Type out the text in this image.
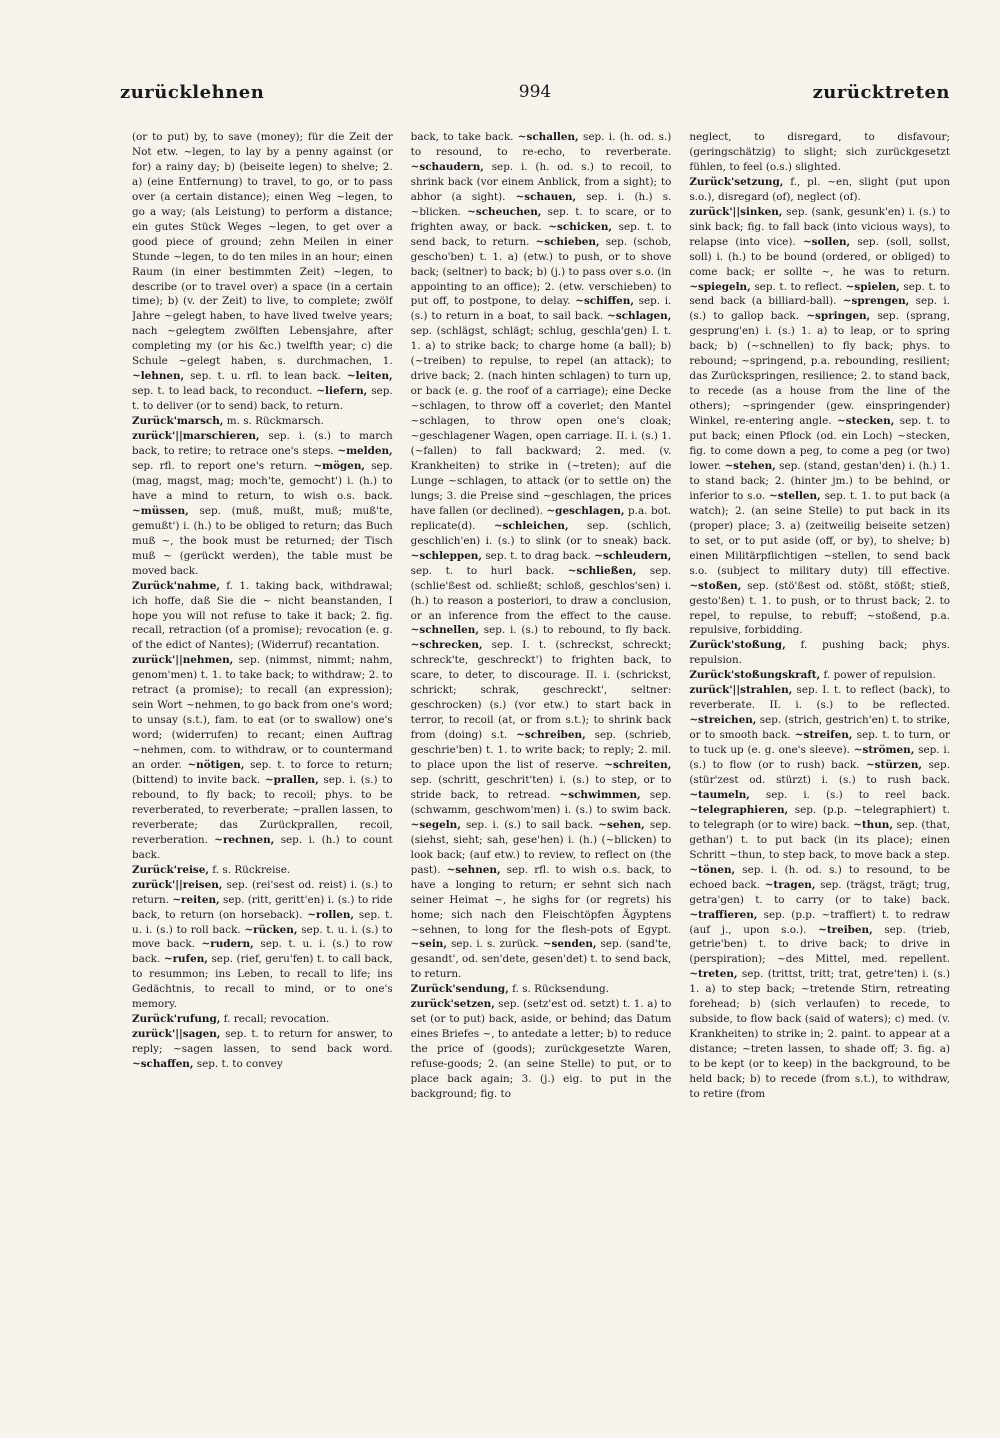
zurücklehnen	994	zurücktreten

(or to put) by, to save (money); für die Zeit der Not etw. ~legen, to lay by a penny against (or for) a rainy day; b) (beiseite legen) to shelve; 2. a) (eine Entfernung) to travel, to go, or to pass over (a certain distance); einen Weg ~legen, to go a way; (als Leistung) to perform a distance; ein gutes Stück Weges ~legen, to get over a good piece of ground; zehn Meilen in einer Stunde ~legen, to do ten miles in an hour; einen Raum (in einer bestimmten Zeit) ~legen, to describe (or to travel over) a space (in a certain time); b) (v. der Zeit) to live, to complete; zwölf Jahre ~gelegt haben, to have lived twelve years; nach ~gelegtem zwölften Lebensjahre, after completing my (or his &c.) twelfth year; c) die Schule ~gelegt haben, s. durchmachen, 1. ~lehnen, sep. t. u. rfl. to lean back. ~leiten, sep. t. to lead back, to reconduct. ~liefern, sep. t. to deliver (or to send) back, to return.

Zurück'marsch, m. s. Rückmarsch.

zurück'||marschieren, sep. i. (s.) to march back, to retire; to retrace one's steps. ~melden, sep. rfl. to report one's return. ~mögen, sep. (mag, magst, mag; moch'te, gemocht') i. (h.) to have a mind to return, to wish o.s. back. ~müssen, sep. (muß, mußt, muß; muß'te, gemußt') i. (h.) to be obliged to return; das Buch muß ~, the book must be returned; der Tisch muß ~ (gerückt werden), the table must be moved back.

Zurück'nahme, f. 1. taking back, withdrawal; ich hoffe, daß Sie die ~ nicht beanstanden, I hope you will not refuse to take it back; 2. fig. recall, retraction (of a promise); revocation (e. g. of the edict of Nantes); (Widerruf) recantation.

zurück'||nehmen, sep. (nimmst, nimmt; nahm, genom'men) t. 1. to take back; to withdraw; 2. to retract (a promise); to recall (an expression); sein Wort ~nehmen, to go back from one's word; to unsay (s.t.), fam. to eat (or to swallow) one's word; (widerrufen) to recant; einen Auftrag ~nehmen, com. to withdraw, or to countermand an order. ~nötigen, sep. t. to force to return; (bittend) to invite back. ~prallen, sep. i. (s.) to rebound, to fly back; to recoil; phys. to be reverberated, to reverberate; ~prallen lassen, to reverberate; das Zurückprallen, recoil, reverberation. ~rechnen, sep. i. (h.) to count back.

Zurück'reise, f. s. Rückreise.

zurück'||reisen, sep. (rei'sest od. reist) i. (s.) to return. ~reiten, sep. (ritt, geritt'en) i. (s.) to ride back, to return (on horseback). ~rollen, sep. t. u. i. (s.) to roll back. ~rücken, sep. t. u. i. (s.) to move back. ~rudern, sep. t. u. i. (s.) to row back. ~rufen, sep. (rief, geru'fen) t. to call back, to resummon; ins Leben, to recall to life; ins Gedächtnis, to recall to mind, or to one's memory.

Zurück'rufung, f. recall; revocation.

zurück'||sagen, sep. t. to return for answer, to reply; ~sagen lassen, to send back word. ~schaffen, sep. t. to convey

back, to take back. ~schallen, sep. i. (h. od. s.) to resound, to re-echo, to reverberate. ~schaudern, sep. i. (h. od. s.) to recoil, to shrink back (vor einem Anblick, from a sight); to abhor (a sight). ~schauen, sep. i. (h.) s. ~blicken. ~scheuchen, sep. t. to scare, or to frighten away, or back. ~schicken, sep. t. to send back, to return. ~schieben, sep. (schob, gescho'ben) t. 1. a) (etw.) to push, or to shove back; (seltner) to back; b) (j.) to pass over s.o. (in appointing to an office); 2. (etw. verschieben) to put off, to postpone, to delay. ~schiffen, sep. i. (s.) to return in a boat, to sail back. ~schlagen, sep. (schlägst, schlägt; schlug, geschla'gen) I. t. 1. a) to strike back; to charge home (a ball); b) (~treiben) to repulse, to repel (an attack); to drive back; 2. (nach hinten schlagen) to turn up, or back (e. g. the roof of a carriage); eine Decke ~schlagen, to throw off a coverlet; den Mantel ~schlagen, to throw open one's cloak; ~geschlagener Wagen, open carriage. II. i. (s.) 1. (~fallen) to fall backward; 2. med. (v. Krankheiten) to strike in (~treten); auf die Lunge ~schlagen, to attack (or to settle on) the lungs; 3. die Preise sind ~geschlagen, the prices have fallen (or declined). ~geschlagen, p.a. bot. replicate(d). ~schleichen, sep. (schlich, geschlich'en) i. (s.) to slink (or to sneak) back. ~schleppen, sep. t. to drag back. ~schleudern, sep. t. to hurl back. ~schließen, sep. (schlie'ßest od. schließt; schloß, geschlos'sen) i. (h.) to reason a posteriori, to draw a conclusion, or an inference from the effect to the cause. ~schnellen, sep. i. (s.) to rebound, to fly back. ~schrecken, sep. I. t. (schreckst, schreckt; schreck'te, geschreckt') to frighten back, to scare, to deter, to discourage. II. i. (schrickst, schrickt; schrak, geschreckt', seltner: geschrocken) (s.) (vor etw.) to start back in terror, to recoil (at, or from s.t.); to shrink back from (doing) s.t. ~schreiben, sep. (schrieb, geschrie'ben) t. 1. to write back; to reply; 2. mil. to place upon the list of reserve. ~schreiten, sep. (schritt, geschrit'ten) i. (s.) to step, or to stride back, to retread. ~schwimmen, sep. (schwamm, geschwom'men) i. (s.) to swim back. ~segeln, sep. i. (s.) to sail back. ~sehen, sep. (siehst, sieht; sah, gese'hen) i. (h.) (~blicken) to look back; (auf etw.) to review, to reflect on (the past). ~sehnen, sep. rfl. to wish o.s. back, to have a longing to return; er sehnt sich nach seiner Heimat ~, he sighs for (or regrets) his home; sich nach den Fleischtöpfen Ägyptens ~sehnen, to long for the flesh-pots of Egypt. ~sein, sep. i. s. zurück. ~senden, sep. (sand'te, gesandt', od. sen'dete, gesen'det) t. to send back, to return.

Zurück'sendung, f. s. Rücksendung.

zurück'setzen, sep. (setz'est od. setzt) t. 1. a) to set (or to put) back, aside, or behind; das Datum eines Briefes ~, to antedate a letter; b) to reduce the price of (goods); zurückgesetzte Waren, refuse-goods; 2. (an seine Stelle) to put, or to place back again; 3. (j.) eig. to put in the background; fig. to

neglect, to disregard, to disfavour; (geringschätzig) to slight; sich zurückgesetzt fühlen, to feel (o.s.) slighted.

Zurück'setzung, f., pl. ~en, slight (put upon s.o.), disregard (of), neglect (of).

zurück'||sinken, sep. (sank, gesunk'en) i. (s.) to sink back; fig. to fall back (into vicious ways), to relapse (into vice). ~sollen, sep. (soll, sollst, soll) i. (h.) to be bound (ordered, or obliged) to come back; er sollte ~, he was to return. ~spiegeln, sep. t. to reflect. ~spielen, sep. t. to send back (a billiard-ball). ~sprengen, sep. i. (s.) to gallop back. ~springen, sep. (sprang, gesprung'en) i. (s.) 1. a) to leap, or to spring back; b) (~schnellen) to fly back; phys. to rebound; ~springend, p.a. rebounding, resilient; das Zurückspringen, resilience; 2. to stand back, to recede (as a house from the line of the others); ~springender (gew. einspringender) Winkel, re-entering angle. ~stecken, sep. t. to put back; einen Pflock (od. ein Loch) ~stecken, fig. to come down a peg, to come a peg (or two) lower. ~stehen, sep. (stand, gestan'den) i. (h.) 1. to stand back; 2. (hinter jm.) to be behind, or inferior to s.o. ~stellen, sep. t. 1. to put back (a watch); 2. (an seine Stelle) to put back in its (proper) place; 3. a) (zeitweilig beiseite setzen) to set, or to put aside (off, or by), to shelve; b) einen Militärpflichtigen ~stellen, to send back s.o. (subject to military duty) till effective. ~stoßen, sep. (stö'ßest od. stößt, stößt; stieß, gesto'ßen) t. 1. to push, or to thrust back; 2. to repel, to repulse, to rebuff; ~stoßend, p.a. repulsive, forbidding.

Zurück'stoßung, f. pushing back; phys. repulsion.

Zurück'stoßungskraft, f. power of repulsion.

zurück'||strahlen, sep. I. t. to reflect (back), to reverberate. II. i. (s.) to be reflected. ~streichen, sep. (strich, gestrich'en) t. to strike, or to smooth back. ~streifen, sep. t. to turn, or to tuck up (e. g. one's sleeve). ~strömen, sep. i. (s.) to flow (or to rush) back. ~stürzen, sep. (stür'zest od. stürzt) i. (s.) to rush back. ~taumeln, sep. i. (s.) to reel back. ~telegraphieren, sep. (p.p. ~telegraphiert) t. to telegraph (or to wire) back. ~thun, sep. (that, gethan') t. to put back (in its place); einen Schritt ~thun, to step back, to move back a step. ~tönen, sep. i. (h. od. s.) to resound, to be echoed back. ~tragen, sep. (trägst, trägt; trug, getra'gen) t. to carry (or to take) back. ~traffieren, sep. (p.p. ~traffiert) t. to redraw (auf j., upon s.o.). ~treiben, sep. (trieb, getrie'ben) t. to drive back; to drive in (perspiration); ~des Mittel, med. repellent. ~treten, sep. (trittst, tritt; trat, getre'ten) i. (s.) 1. a) to step back; ~tretende Stirn, retreating forehead; b) (sich verlaufen) to recede, to subside, to flow back (said of waters); c) med. (v. Krankheiten) to strike in; 2. paint. to appear at a distance; ~treten lassen, to shade off; 3. fig. a) to be kept (or to keep) in the background, to be held back; b) to recede (from s.t.), to withdraw, to retire (from
